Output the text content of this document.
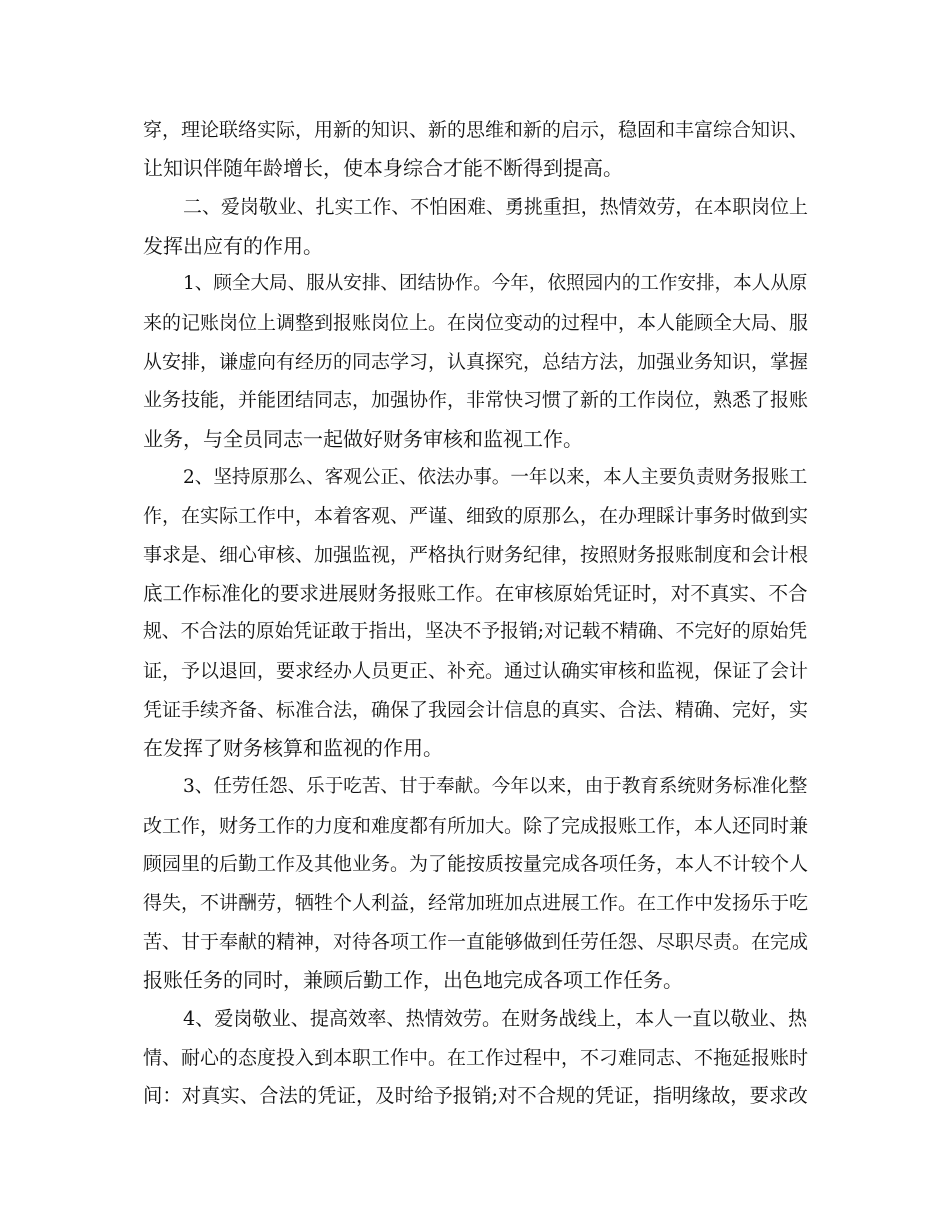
穿，理论联络实际，用新的知识、新的思维和新的启示，稳固和丰富综合知识、
让知识伴随年龄增长，使本身综合才能不断得到提高。
二、爱岗敬业、扎实工作、不怕困难、勇挑重担，热情效劳，在本职岗位上
发挥出应有的作用。
1、顾全大局、服从安排、团结协作。今年，依照园内的工作安排，本人从原
来的记账岗位上调整到报账岗位上。在岗位变动的过程中，本人能顾全大局、服
从安排，谦虚向有经历的同志学习，认真探究，总结方法，加强业务知识，掌握
业务技能，并能团结同志，加强协作，非常快习惯了新的工作岗位，熟悉了报账
业务，与全员同志一起做好财务审核和监视工作。
2、坚持原那么、客观公正、依法办事。一年以来，本人主要负责财务报账工
作，在实际工作中，本着客观、严谨、细致的原那么，在办理睬计事务时做到实
事求是、细心审核、加强监视，严格执行财务纪律，按照财务报账制度和会计根
底工作标准化的要求进展财务报账工作。在审核原始凭证时，对不真实、不合
规、不合法的原始凭证敢于指出，坚决不予报销;对记载不精确、不完好的原始凭
证，予以退回，要求经办人员更正、补充。通过认确实审核和监视，保证了会计
凭证手续齐备、标准合法，确保了我园会计信息的真实、合法、精确、完好，实
在发挥了财务核算和监视的作用。
3、任劳任怨、乐于吃苦、甘于奉献。今年以来，由于教育系统财务标准化整
改工作，财务工作的力度和难度都有所加大。除了完成报账工作，本人还同时兼
顾园里的后勤工作及其他业务。为了能按质按量完成各项任务，本人不计较个人
得失，不讲酬劳，牺牲个人利益，经常加班加点进展工作。在工作中发扬乐于吃
苦、甘于奉献的精神，对待各项工作一直能够做到任劳任怨、尽职尽责。在完成
报账任务的同时，兼顾后勤工作，出色地完成各项工作任务。
4、爱岗敬业、提高效率、热情效劳。在财务战线上，本人一直以敬业、热
情、耐心的态度投入到本职工作中。在工作过程中，不刁难同志、不拖延报账时
间：对真实、合法的凭证，及时给予报销;对不合规的凭证，指明缘故，要求改
